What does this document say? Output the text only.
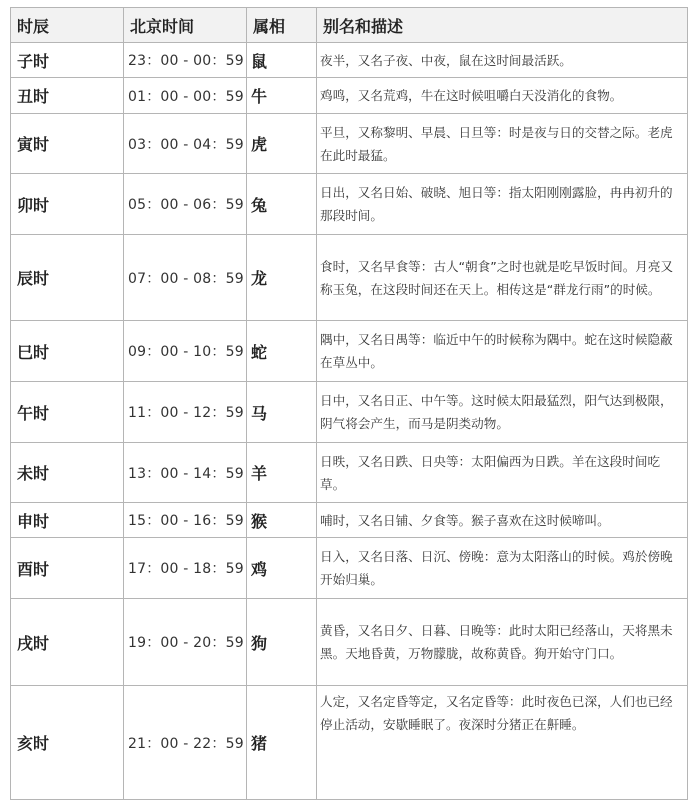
时辰	北京时间	属相	别名和描述
子时	23：00 - 00：59	鼠	夜半，又名子夜、中夜，鼠在这时间最活跃。
丑时	01：00 - 00：59	牛	鸡鸣，又名荒鸡，牛在这时候咀嚼白天没消化的食物。
寅时	03：00 - 04：59	虎	平旦，又称黎明、早晨、日旦等：时是夜与日的交替之际。老虎在此时最猛。
卯时	05：00 - 06：59	兔	日出，又名日始、破晓、旭日等：指太阳刚刚露脸，冉冉初升的那段时间。
辰时	07：00 - 08：59	龙	食时，又名早食等：古人“朝食”之时也就是吃早饭时间。月亮又称玉兔，在这段时间还在天上。相传这是“群龙行雨”的时候。
巳时	09：00 - 10：59	蛇	隅中，又名日禺等：临近中午的时候称为隅中。蛇在这时候隐蔽在草丛中。
午时	11：00 - 12：59	马	日中，又名日正、中午等。这时候太阳最猛烈，阳气达到极限，阴气将会产生，而马是阴类动物。
未时	13：00 - 14：59	羊	日昳，又名日跌、日央等：太阳偏西为日跌。羊在这段时间吃草。
申时	15：00 - 16：59	猴	哺时，又名日铺、夕食等。猴子喜欢在这时候啼叫。
酉时	17：00 - 18：59	鸡	日入，又名日落、日沉、傍晚：意为太阳落山的时候。鸡於傍晚开始归巢。
戌时	19：00 - 20：59	狗	黄昏，又名日夕、日暮、日晚等：此时太阳已经落山，天将黑未黑。天地昏黄，万物朦胧，故称黄昏。狗开始守门口。
亥时	21：00 - 22：59	猪	人定，又名定昏等定，又名定昏等：此时夜色已深，人们也已经停止活动，安歇睡眠了。夜深时分猪正在鼾睡。
